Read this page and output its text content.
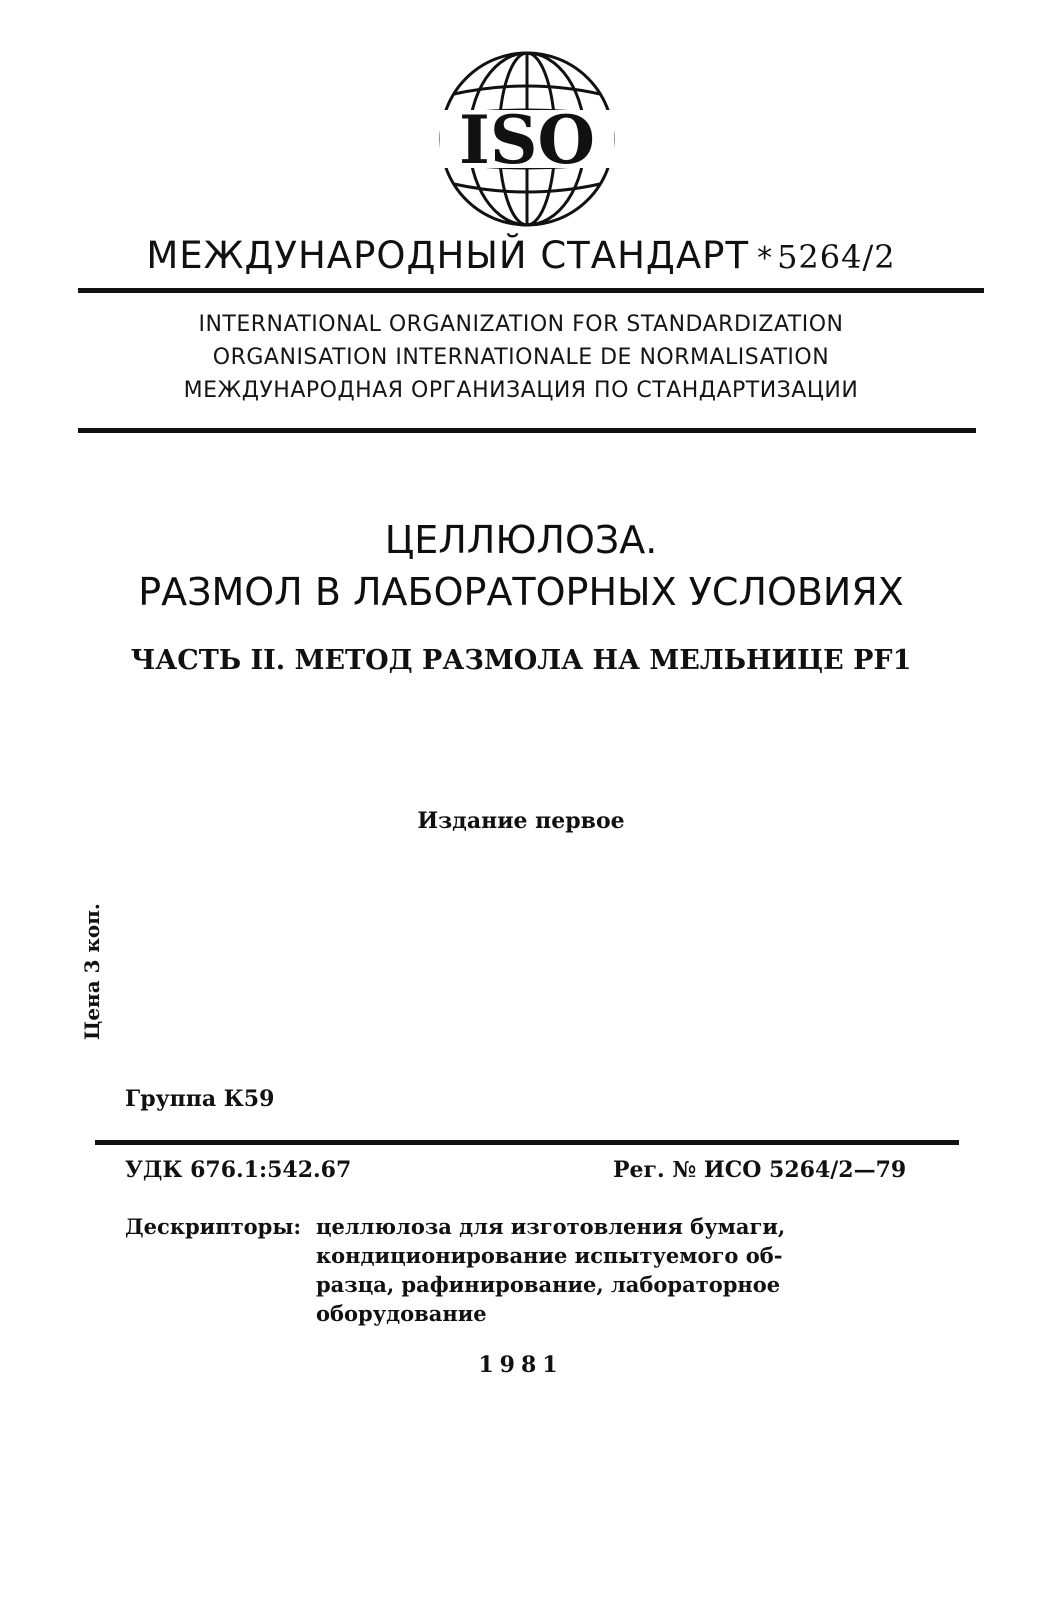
ISO
МЕЖДУНАРОДНЫЙ СТАНДАРТ * 5264/2
INTERNATIONAL ORGANIZATION FOR STANDARDIZATION
ORGANISATION INTERNATIONALE DE NORMALISATION
МЕЖДУНАРОДНАЯ ОРГАНИЗАЦИЯ ПО СТАНДАРТИЗАЦИИ
ЦЕЛЛЮЛОЗА.
РАЗМОЛ В ЛАБОРАТОРНЫХ УСЛОВИЯХ
ЧАСТЬ II. МЕТОД РАЗМОЛА НА МЕЛЬНИЦЕ PF1
Издание первое
Цена 3 коп.
Группа К59
УДК 676.1:542.67	Рег. № ИСО 5264/2—79
Дескрипторы: целлюлоза для изготовления бумаги,
кондиционирование испытуемого об-
разца, рафинирование, лабораторное
оборудование
1981
